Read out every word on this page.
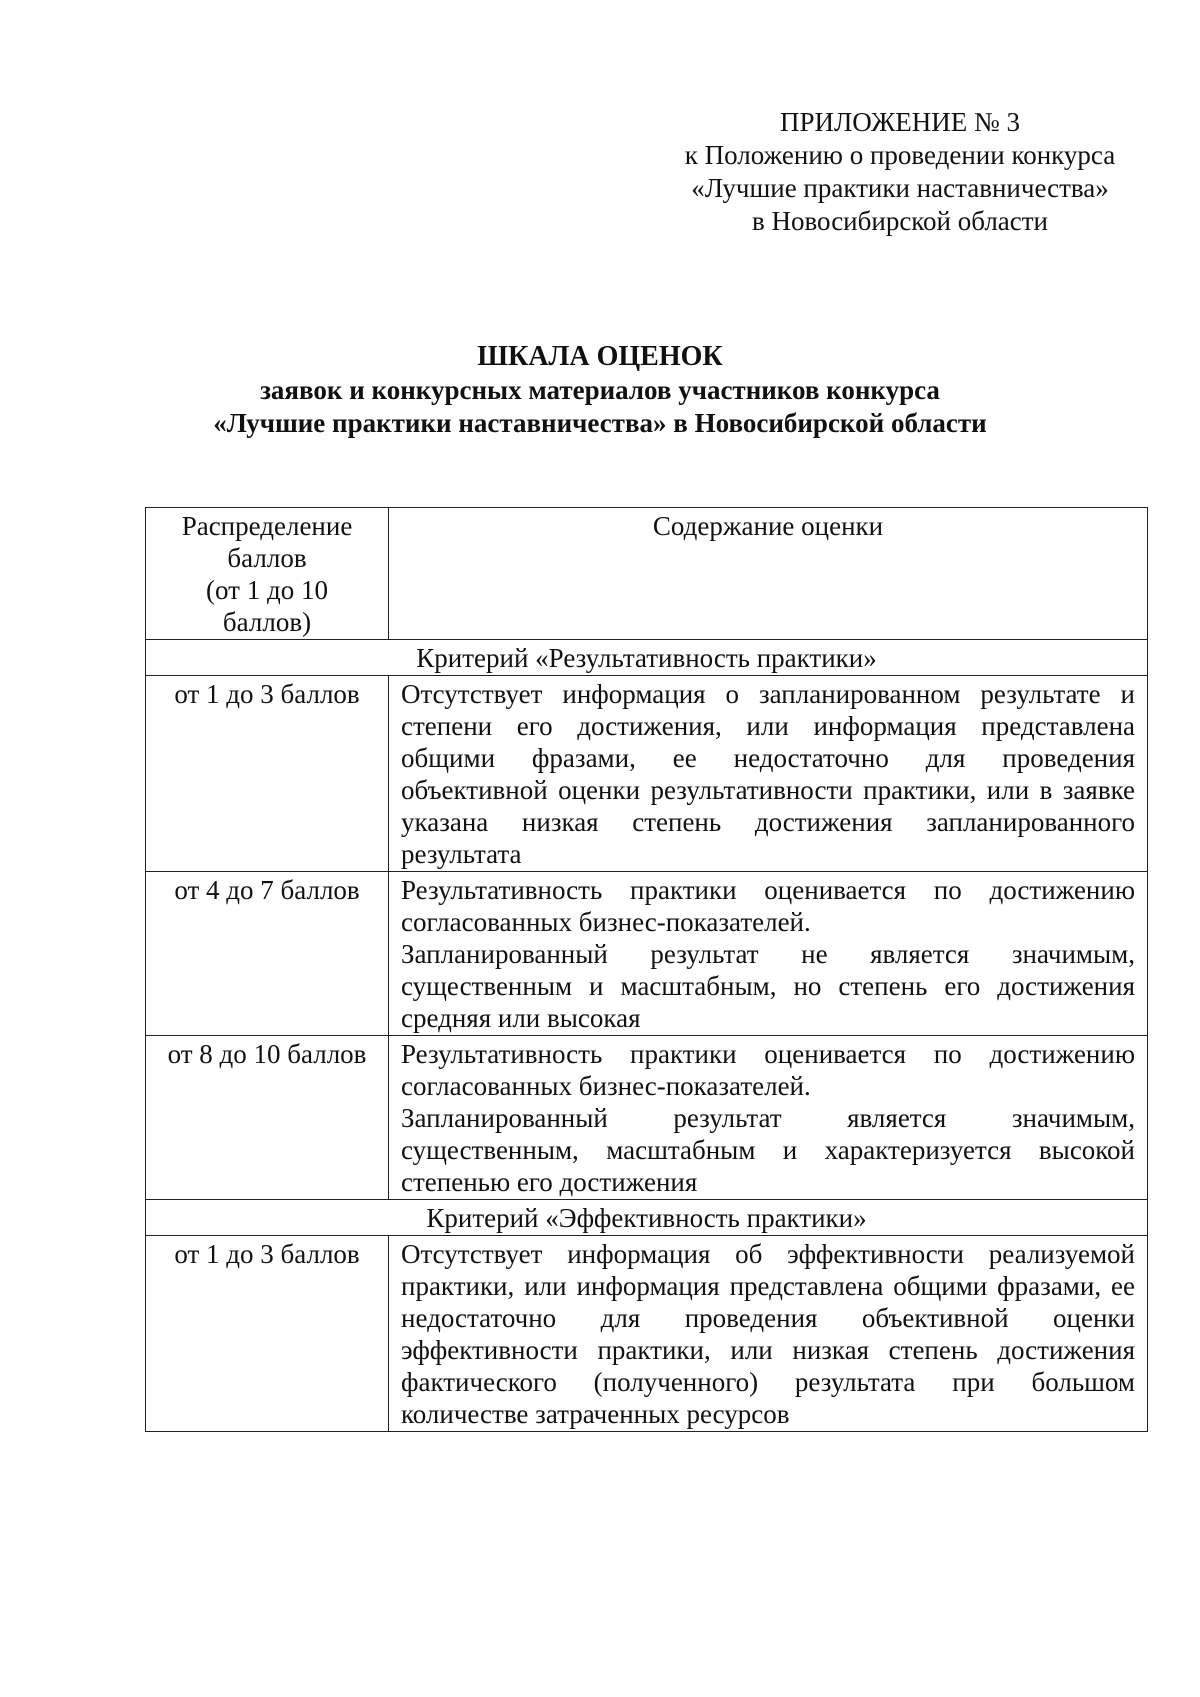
ПРИЛОЖЕНИЕ № 3
к Положению о проведении конкурса
«Лучшие практики наставничества»
в Новосибирской области
ШКАЛА ОЦЕНОК
заявок и конкурсных материалов участников конкурса
«Лучшие практики наставничества» в Новосибирской области
Распределение
баллов
(от 1 до 10
баллов)	Содержание оценки
Критерий «Результативность практики»	
от 1 до 3 баллов	Отсутствует информация о запланированном результате и степени его достижения, или информация представлена общими фразами, ее недостаточно для проведения объективной оценки результативности практики, или в заявке указана низкая степень достижения запланированного результата

от 4 до 7 баллов	Результативность практики оценивается по достижению согласованных бизнес-показателей.
Запланированный результат не является значимым, существенным и масштабным, но степень его достижения средняя или высокая

от 8 до 10 баллов	Результативность практики оценивается по достижению согласованных бизнес-показателей.
Запланированный результат является значимым, существенным, масштабным и характеризуется высокой степенью его достижения

Критерий «Эффективность практики»	
от 1 до 3 баллов	Отсутствует информация об эффективности реализуемой практики, или информация представлена общими фразами, ее недостаточно для проведения объективной оценки эффективности практики, или низкая степень достижения фактического (полученного) результата при большом количестве затраченных ресурсов
